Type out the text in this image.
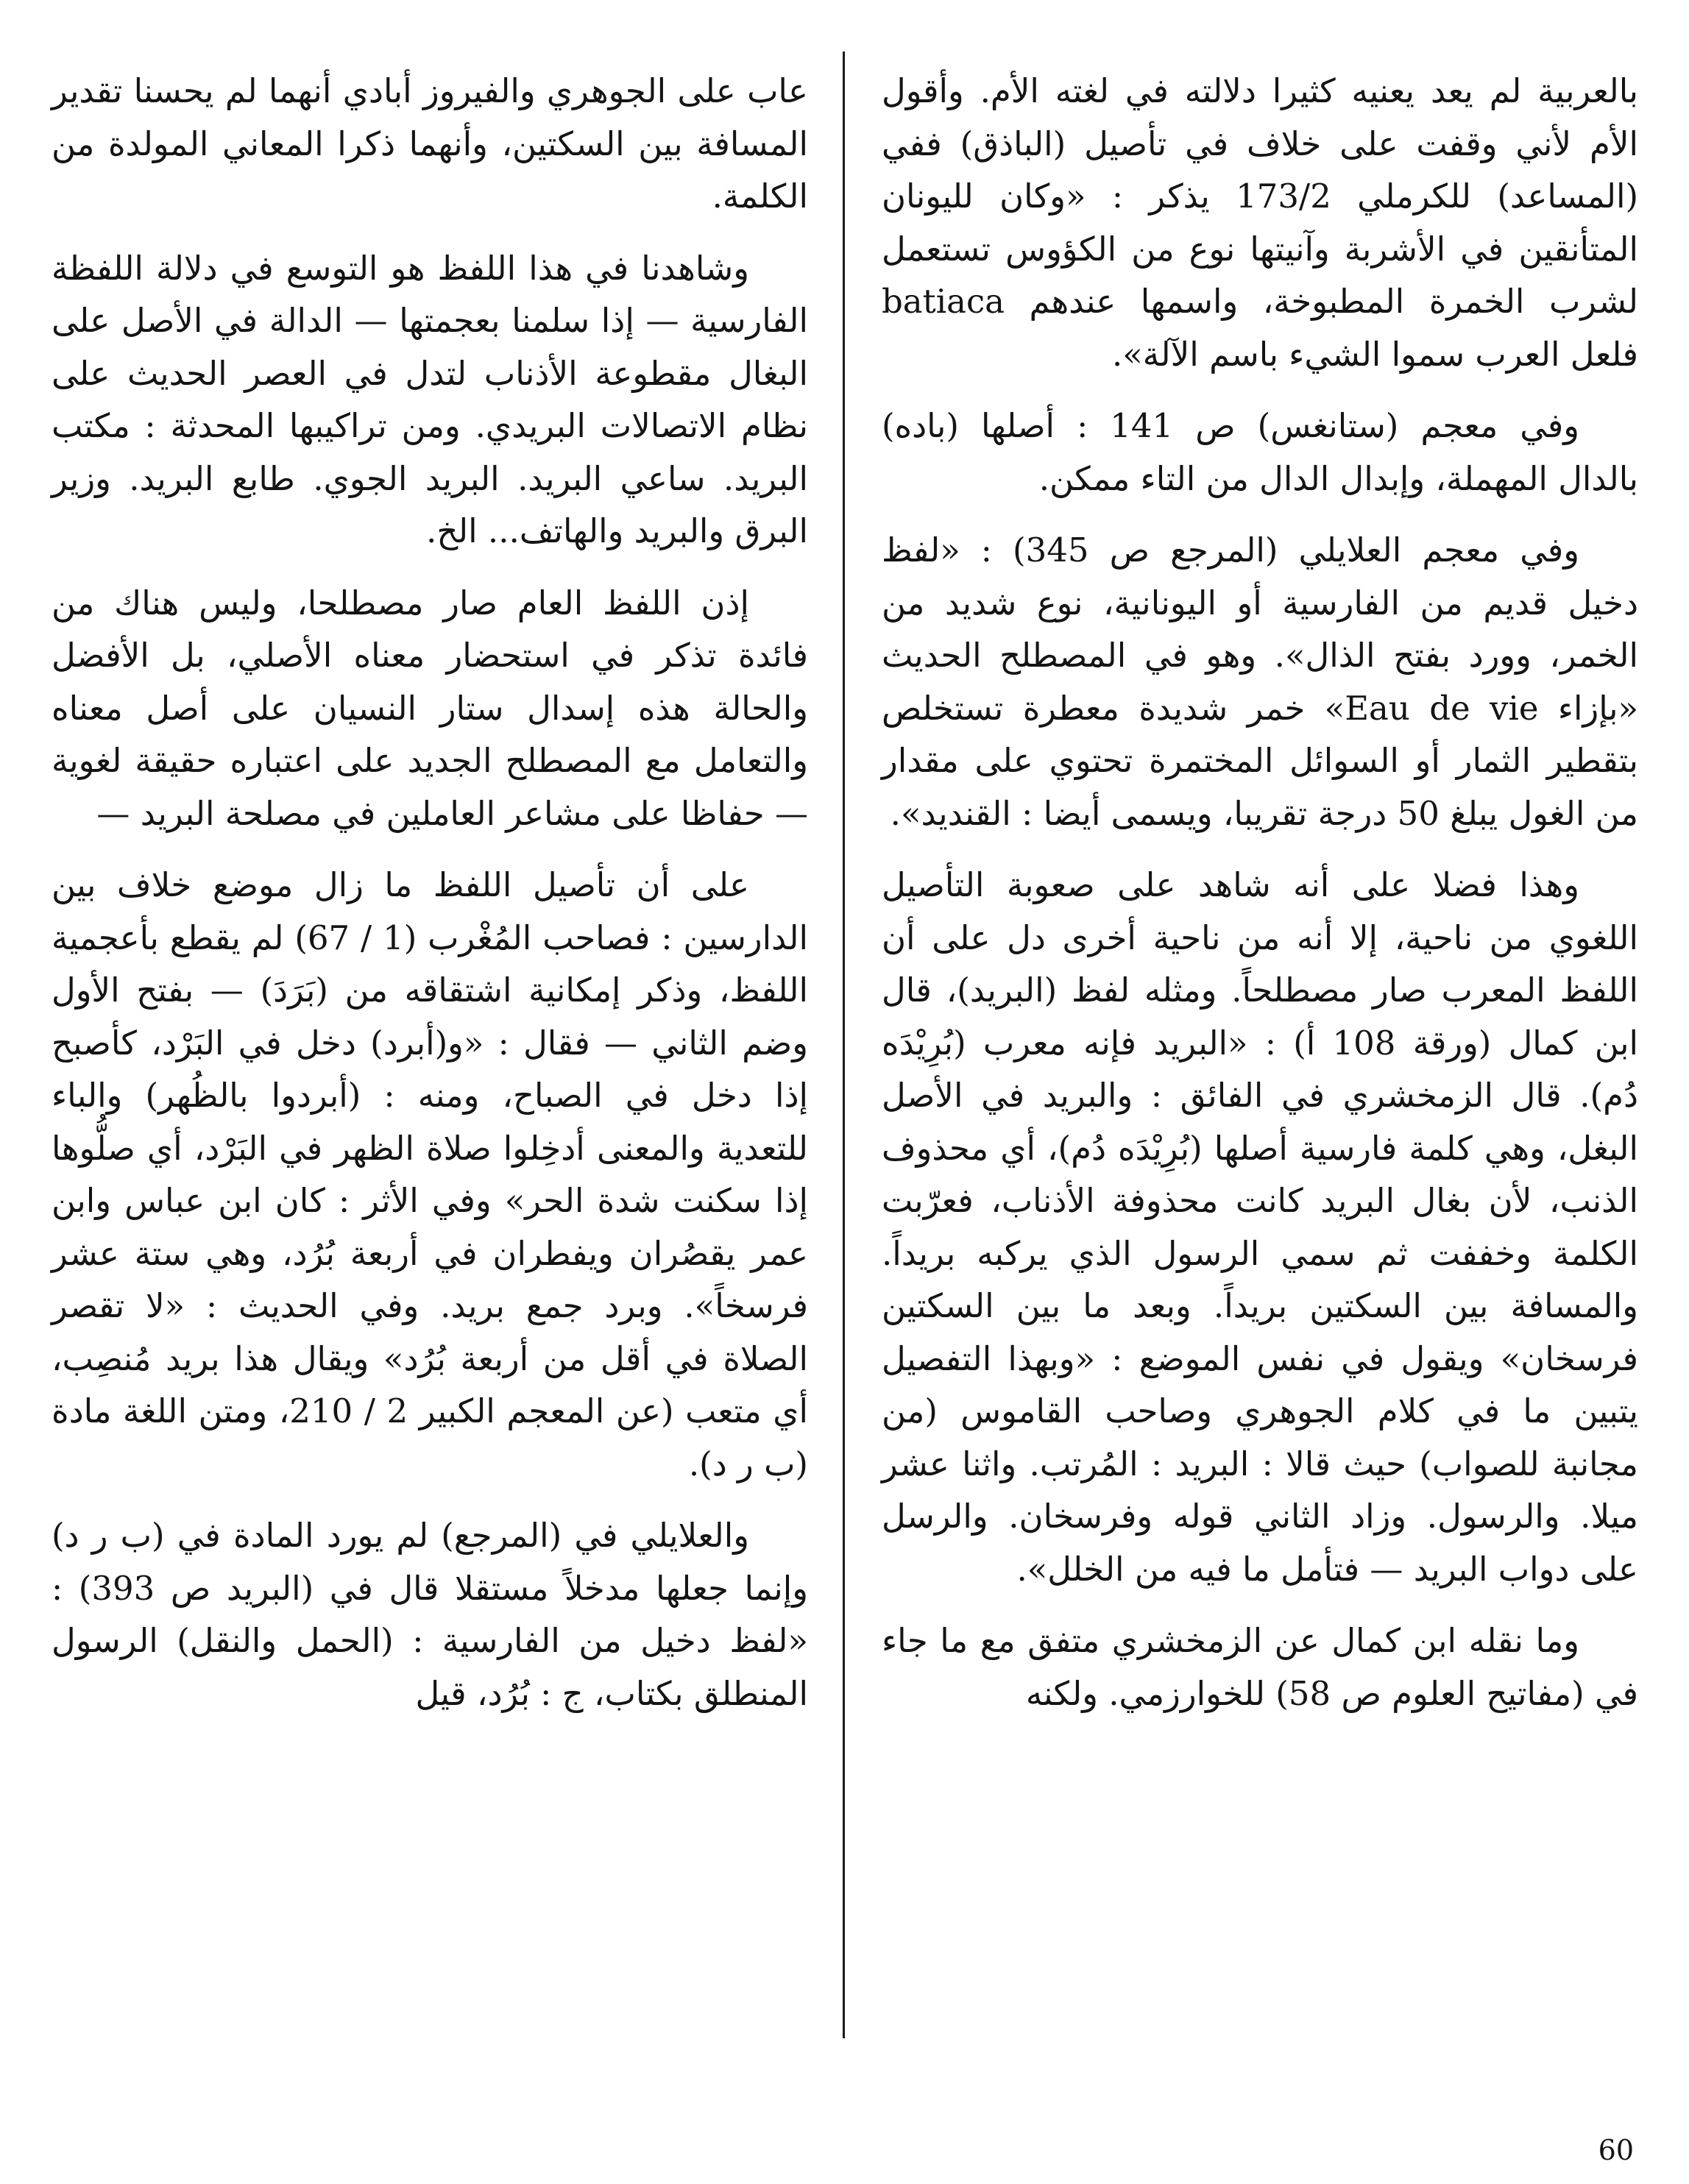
بالعربية لم يعد يعنيه كثيرا دلالته في لغته الأم. وأقول الأم لأني وقفت على خلاف في تأصيل (الباذق) ففي (المساعد) للكرملي 173/2 يذكر : «وكان لليونان المتأنقين في الأشربة وآنيتها نوع من الكؤوس تستعمل لشرب الخمرة المطبوخة، واسمها عندهم batiaca فلعل العرب سموا الشيء باسم الآلة».

وفي معجم (ستانغس) ص 141 : أصلها (باده) بالدال المهملة، وإبدال الدال من التاء ممكن.

وفي معجم العلايلي (المرجع ص 345) : «لفظ دخيل قديم من الفارسية أو اليونانية، نوع شديد من الخمر، وورد بفتح الذال». وهو في المصطلح الحديث «بإزاء Eau de vie» خمر شديدة معطرة تستخلص بتقطير الثمار أو السوائل المختمرة تحتوي على مقدار من الغول يبلغ 50 درجة تقريبا، ويسمى أيضا : القنديد».

وهذا فضلا على أنه شاهد على صعوبة التأصيل اللغوي من ناحية، إلا أنه من ناحية أخرى دل على أن اللفظ المعرب صار مصطلحاً. ومثله لفظ (البريد)، قال ابن كمال (ورقة 108 أ) : «البريد فإنه معرب (بُرِيْدَه دُم). قال الزمخشري في الفائق : والبريد في الأصل البغل، وهي كلمة فارسية أصلها (بُرِيْدَه دُم)، أي محذوف الذنب، لأن بغال البريد كانت محذوفة الأذناب، فعرّبت الكلمة وخففت ثم سمي الرسول الذي يركبه بريداً. والمسافة بين السكتين بريداً. وبعد ما بين السكتين فرسخان» ويقول في نفس الموضع : «وبهذا التفصيل يتبين ما في كلام الجوهري وصاحب القاموس (من مجانبة للصواب) حيث قالا : البريد : المُرتب. واثنا عشر ميلا. والرسول. وزاد الثاني قوله وفرسخان. والرسل على دواب البريد — فتأمل ما فيه من الخلل».

وما نقله ابن كمال عن الزمخشري متفق مع ما جاء في (مفاتيح العلوم ص 58) للخوارزمي. ولكنه

عاب على الجوهري والفيروز أبادي أنهما لم يحسنا تقدير المسافة بين السكتين، وأنهما ذكرا المعاني المولدة من الكلمة.

وشاهدنا في هذا اللفظ هو التوسع في دلالة اللفظة الفارسية — إذا سلمنا بعجمتها — الدالة في الأصل على البغال مقطوعة الأذناب لتدل في العصر الحديث على نظام الاتصالات البريدي. ومن تراكيبها المحدثة : مكتب البريد. ساعي البريد. البريد الجوي. طابع البريد. وزير البرق والبريد والهاتف... الخ.

إذن اللفظ العام صار مصطلحا، وليس هناك من فائدة تذكر في استحضار معناه الأصلي، بل الأفضل والحالة هذه إسدال ستار النسيان على أصل معناه والتعامل مع المصطلح الجديد على اعتباره حقيقة لغوية — حفاظا على مشاعر العاملين في مصلحة البريد —

على أن تأصيل اللفظ ما زال موضع خلاف بين الدارسين : فصاحب المُغْرب (1 / 67) لم يقطع بأعجمية اللفظ، وذكر إمكانية اشتقاقه من (بَرَدَ) — بفتح الأول وضم الثاني — فقال : «و(أبرد) دخل في البَرْد، كأصبح إذا دخل في الصباح، ومنه : (أبردوا بالظُهر) والباء للتعدية والمعنى أدخِلوا صلاة الظهر في البَرْد، أي صلُّوها إذا سكنت شدة الحر» وفي الأثر : كان ابن عباس وابن عمر يقصُران ويفطران في أربعة بُرُد، وهي ستة عشر فرسخاً». وبرد جمع بريد. وفي الحديث : «لا تقصر الصلاة في أقل من أربعة بُرُد» ويقال هذا بريد مُنصِب، أي متعب (عن المعجم الكبير 2 / 210، ومتن اللغة مادة (ب ر د).

والعلايلي في (المرجع) لم يورد المادة في (ب ر د) وإنما جعلها مدخلاً مستقلا قال في (البريد ص 393) : «لفظ دخيل من الفارسية : (الحمل والنقل) الرسول المنطلق بكتاب، ج : بُرُد، قيل

60
